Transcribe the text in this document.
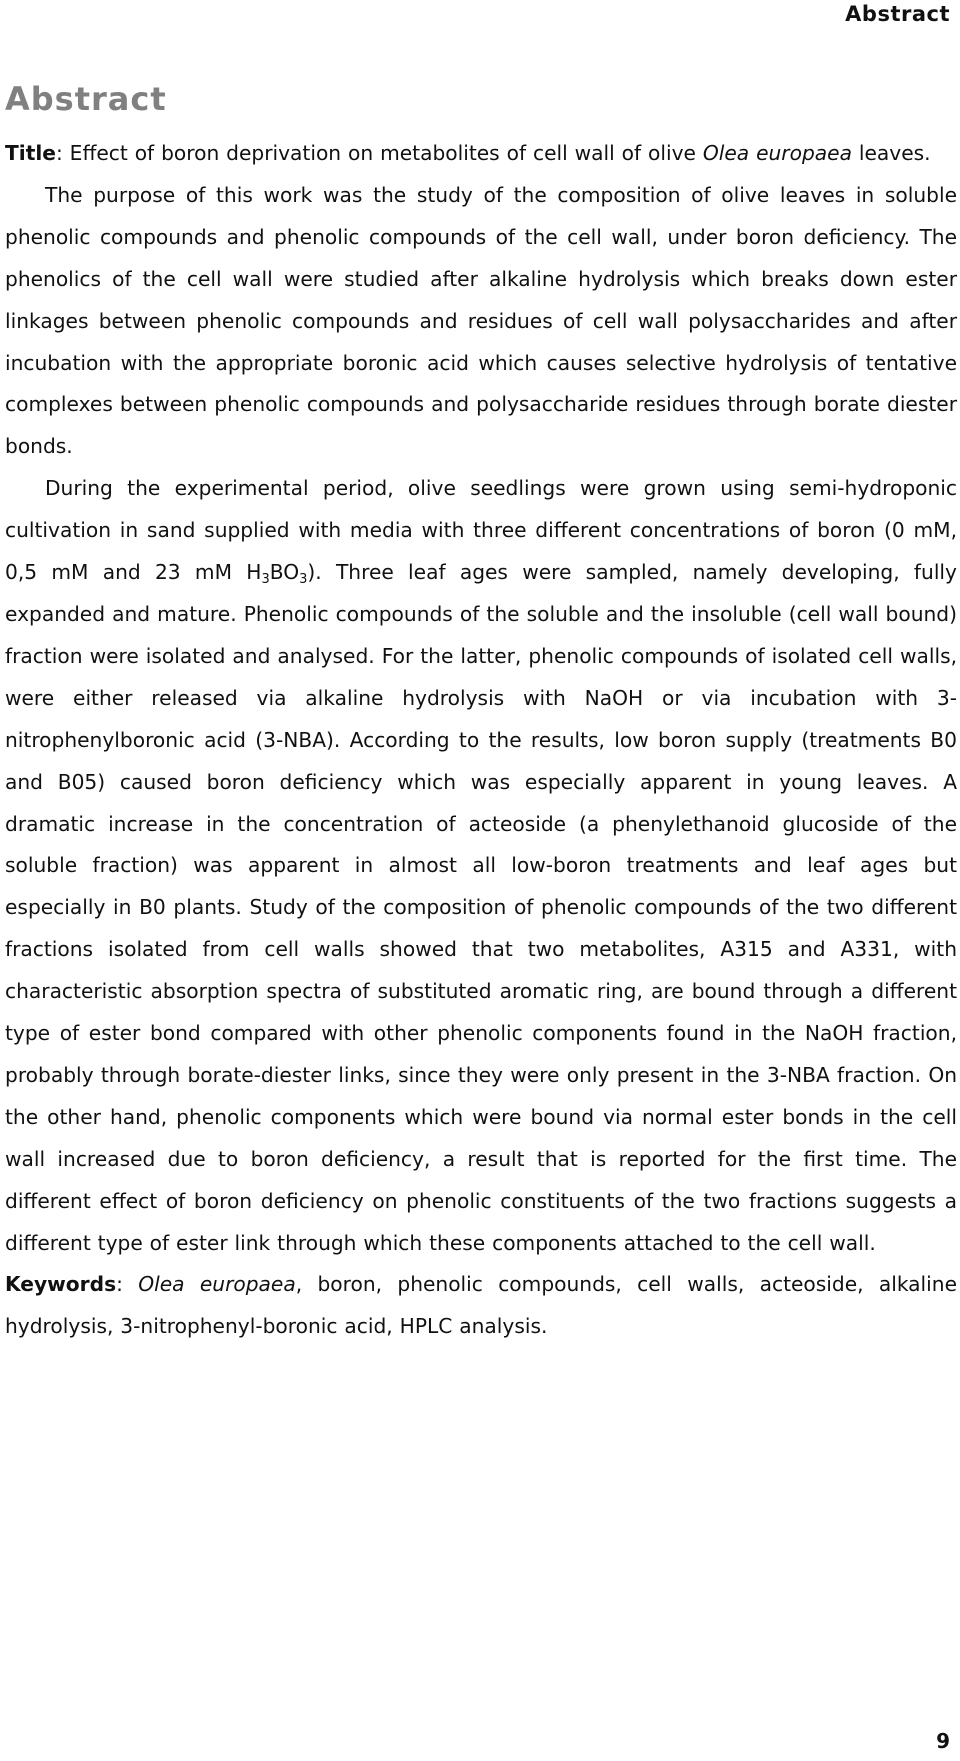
Abstract
Abstract

Title: Effect of boron deprivation on metabolites of cell wall of olive Olea europaea leaves.

The purpose of this work was the study of the composition of olive leaves in soluble phenolic compounds and phenolic compounds of the cell wall, under boron deficiency. The phenolics of the cell wall were studied after alkaline hydrolysis which breaks down ester linkages between phenolic compounds and residues of cell wall polysaccharides and after incubation with the appropriate boronic acid which causes selective hydrolysis of tentative complexes between phenolic compounds and polysaccharide residues through borate diester bonds.

During the experimental period, olive seedlings were grown using semi-hydroponic cultivation in sand supplied with media with three different concentrations of boron (0 mM, 0,5 mM and 23 mM $H_3BO_3$). Three leaf ages were sampled, namely developing, fully expanded and mature. Phenolic compounds of the soluble and the insoluble (cell wall bound) fraction were isolated and analysed. For the latter, phenolic compounds of isolated cell walls, were either released via alkaline hydrolysis with NaOH or via incubation with 3-nitrophenylboronic acid (3-NBA). According to the results, low boron supply (treatments B0 and B05) caused boron deficiency which was especially apparent in young leaves. A dramatic increase in the concentration of acteoside (a phenylethanoid glucoside of the soluble fraction) was apparent in almost all low-boron treatments and leaf ages but especially in B0 plants. Study of the composition of phenolic compounds of the two different fractions isolated from cell walls showed that two metabolites, A315 and A331, with characteristic absorption spectra of substituted aromatic ring, are bound through a different type of ester bond compared with other phenolic components found in the NaOH fraction, probably through borate-diester links, since they were only present in the 3-NBA fraction. On the other hand, phenolic components which were bound via normal ester bonds in the cell wall increased due to boron deficiency, a result that is reported for the first time. The different effect of boron deficiency on phenolic constituents of the two fractions suggests a different type of ester link through which these components attached to the cell wall.

Keywords: Olea europaea, boron, phenolic compounds, cell walls, acteoside, alkaline hydrolysis, 3-nitrophenyl-boronic acid, HPLC analysis.

9
